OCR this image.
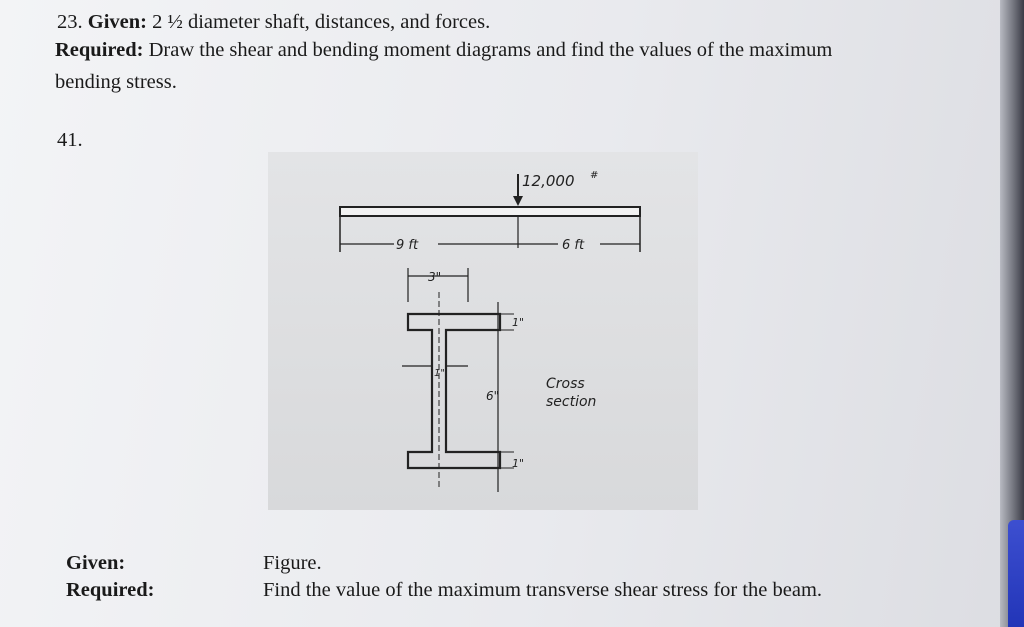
23. Given: 2 ½ diameter shaft, distances, and forces.
Required: Draw the shear and bending moment diagrams and find the values of the maximum
bending stress.
41.
12,000 #
9 ft	6 ft
3"
1"
6"
1"
1"
Cross
section
Given:
Required:
Figure.
Find the value of the maximum transverse shear stress for the beam.
